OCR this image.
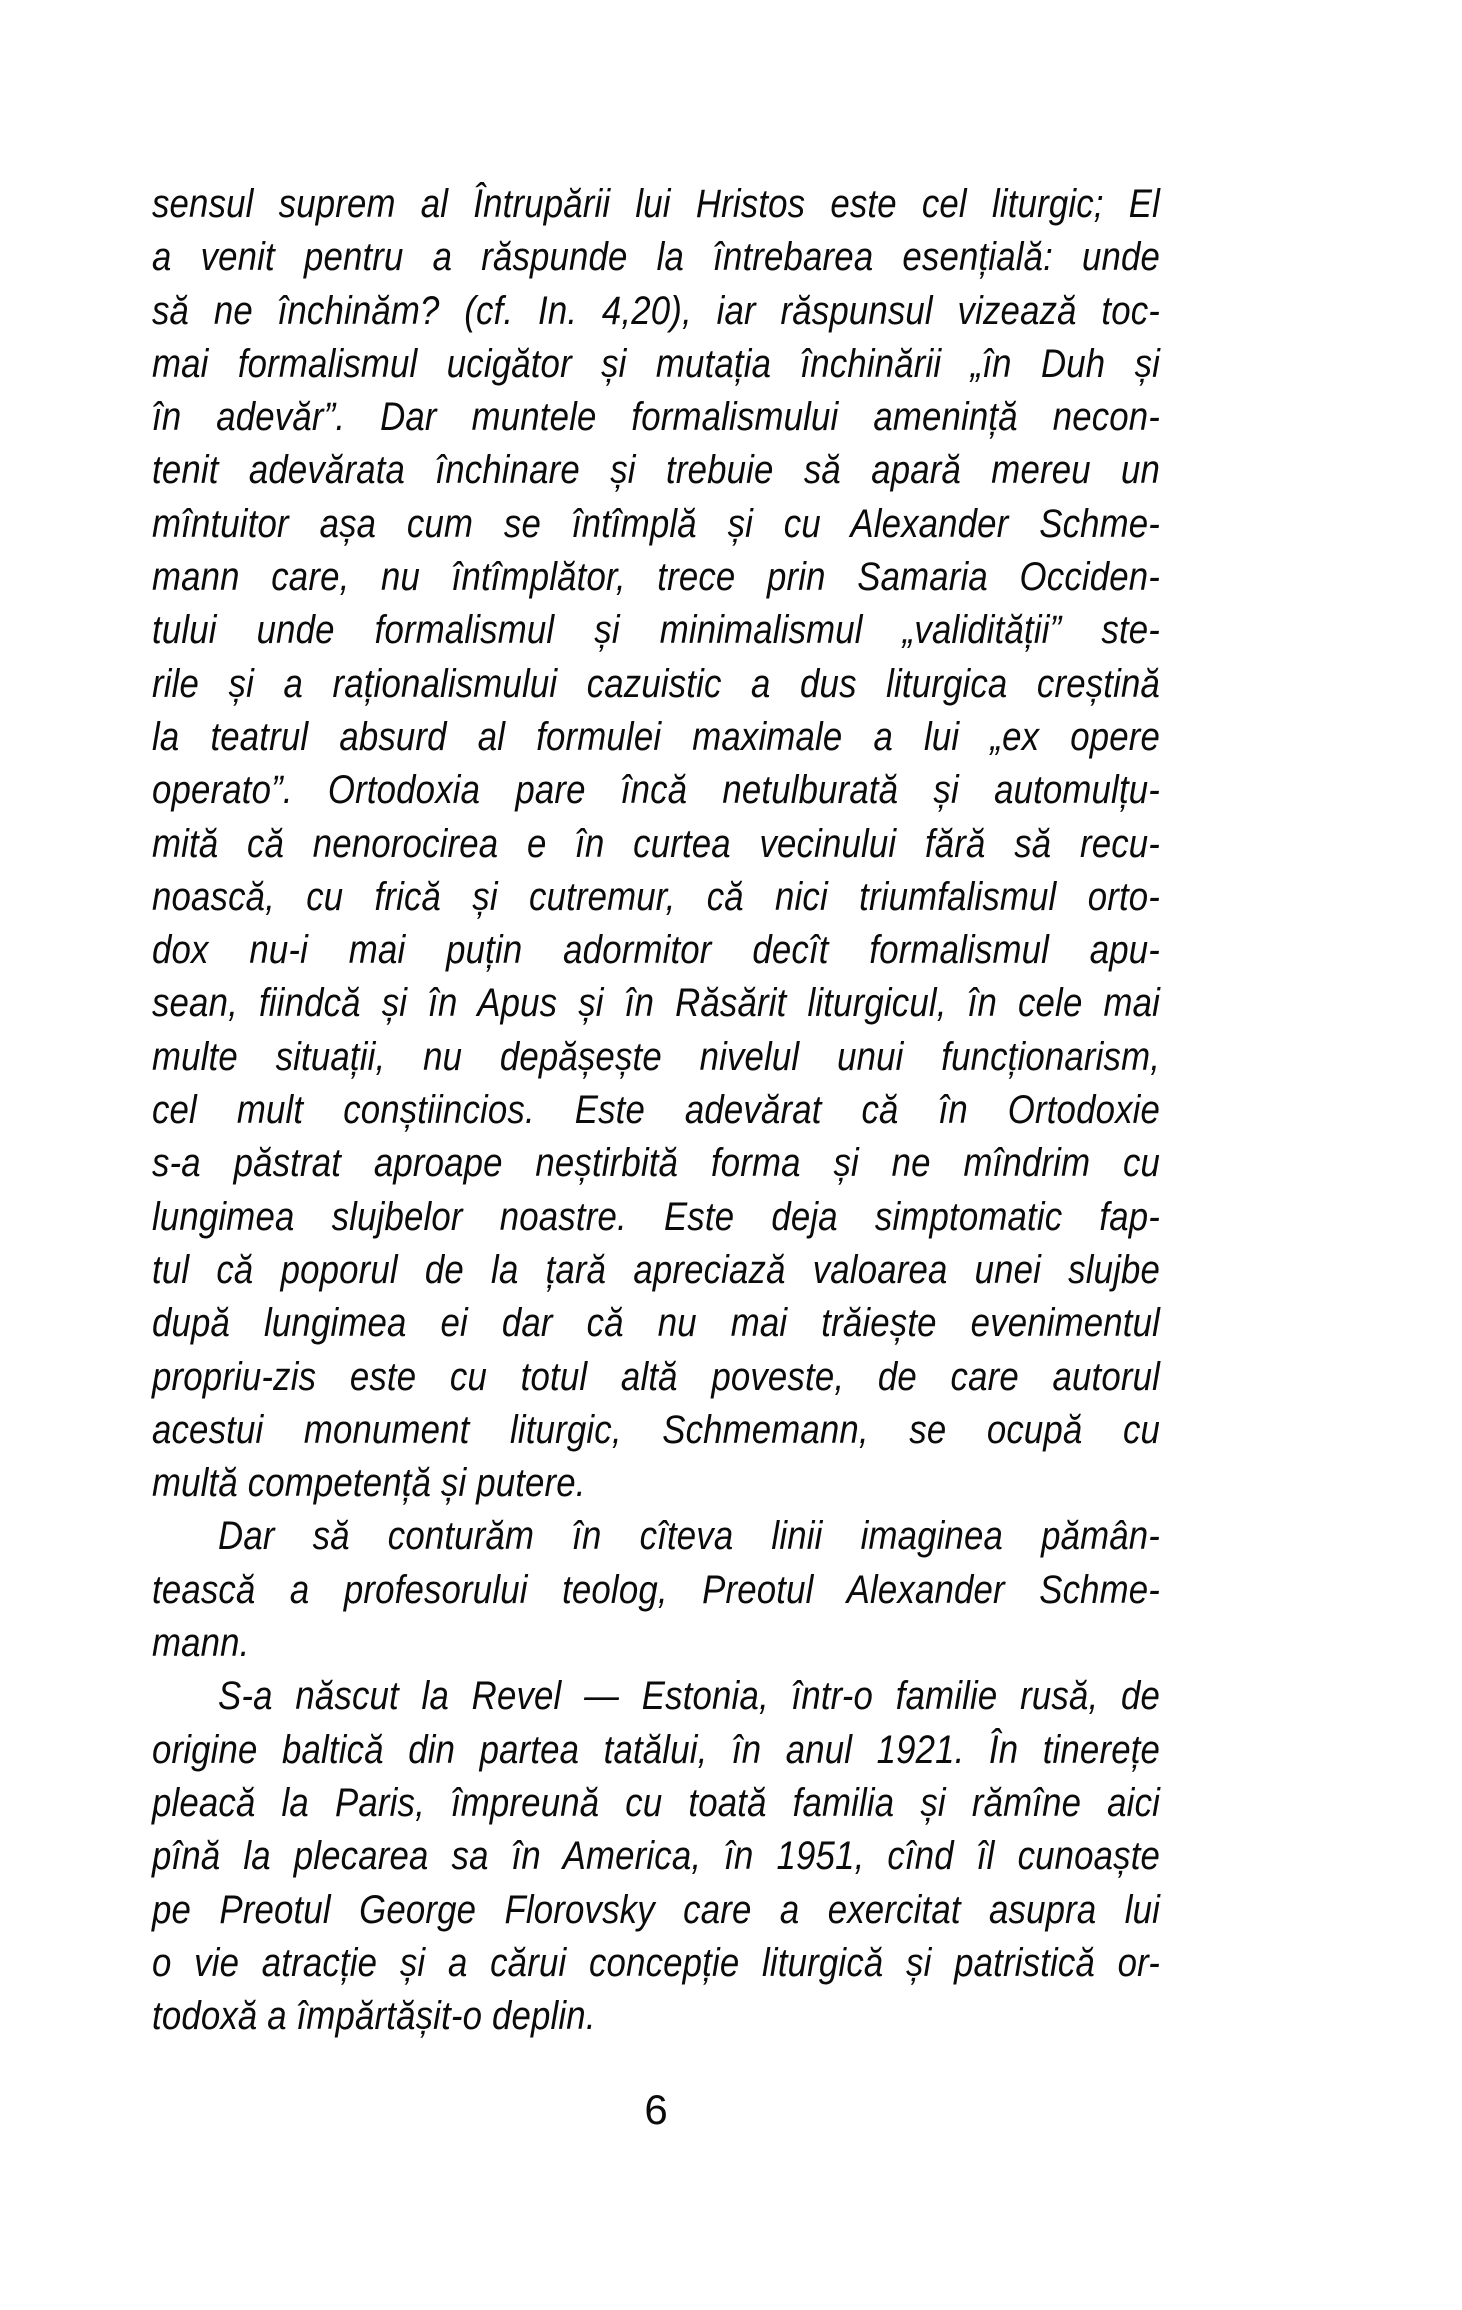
sensul suprem al Întrupării lui Hristos este cel liturgic; El
a venit pentru a răspunde la întrebarea esențială: unde
să ne închinăm? (cf. In. 4,20), iar răspunsul vizează toc-
mai formalismul ucigător și mutația închinării „în Duh și
în adevăr”. Dar muntele formalismului amenință necon-
tenit adevărata închinare și trebuie să apară mereu un
mîntuitor așa cum se întîmplă și cu Alexander Schme-
mann care, nu întîmplător, trece prin Samaria Occiden-
tului unde formalismul și minimalismul „validității” ste-
rile și a raționalismului cazuistic a dus liturgica creștină
la teatrul absurd al formulei maximale a lui „ex opere
operato”. Ortodoxia pare încă netulburată și automulțu-
mită că nenorocirea e în curtea vecinului fără să recu-
noască, cu frică și cutremur, că nici triumfalismul orto-
dox nu-i mai puțin adormitor decît formalismul apu-
sean, fiindcă și în Apus și în Răsărit liturgicul, în cele mai
multe situații, nu depășește nivelul unui funcționarism,
cel mult conștiincios. Este adevărat că în Ortodoxie
s-a păstrat aproape neștirbită forma și ne mîndrim cu
lungimea slujbelor noastre. Este deja simptomatic fap-
tul că poporul de la țară apreciază valoarea unei slujbe
după lungimea ei dar că nu mai trăiește evenimentul
propriu-zis este cu totul altă poveste, de care autorul
acestui monument liturgic, Schmemann, se ocupă cu
multă competență și putere.
Dar să conturăm în cîteva linii imaginea pămân-
tească a profesorului teolog, Preotul Alexander Schme-
mann.
S-a născut la Revel — Estonia, într-o familie rusă, de
origine baltică din partea tatălui, în anul 1921. În tinerețe
pleacă la Paris, împreună cu toată familia și rămîne aici
pînă la plecarea sa în America, în 1951, cînd îl cunoaște
pe Preotul George Florovsky care a exercitat asupra lui
o vie atracție și a cărui concepție liturgică și patristică or-
todoxă a împărtășit-o deplin.
6
